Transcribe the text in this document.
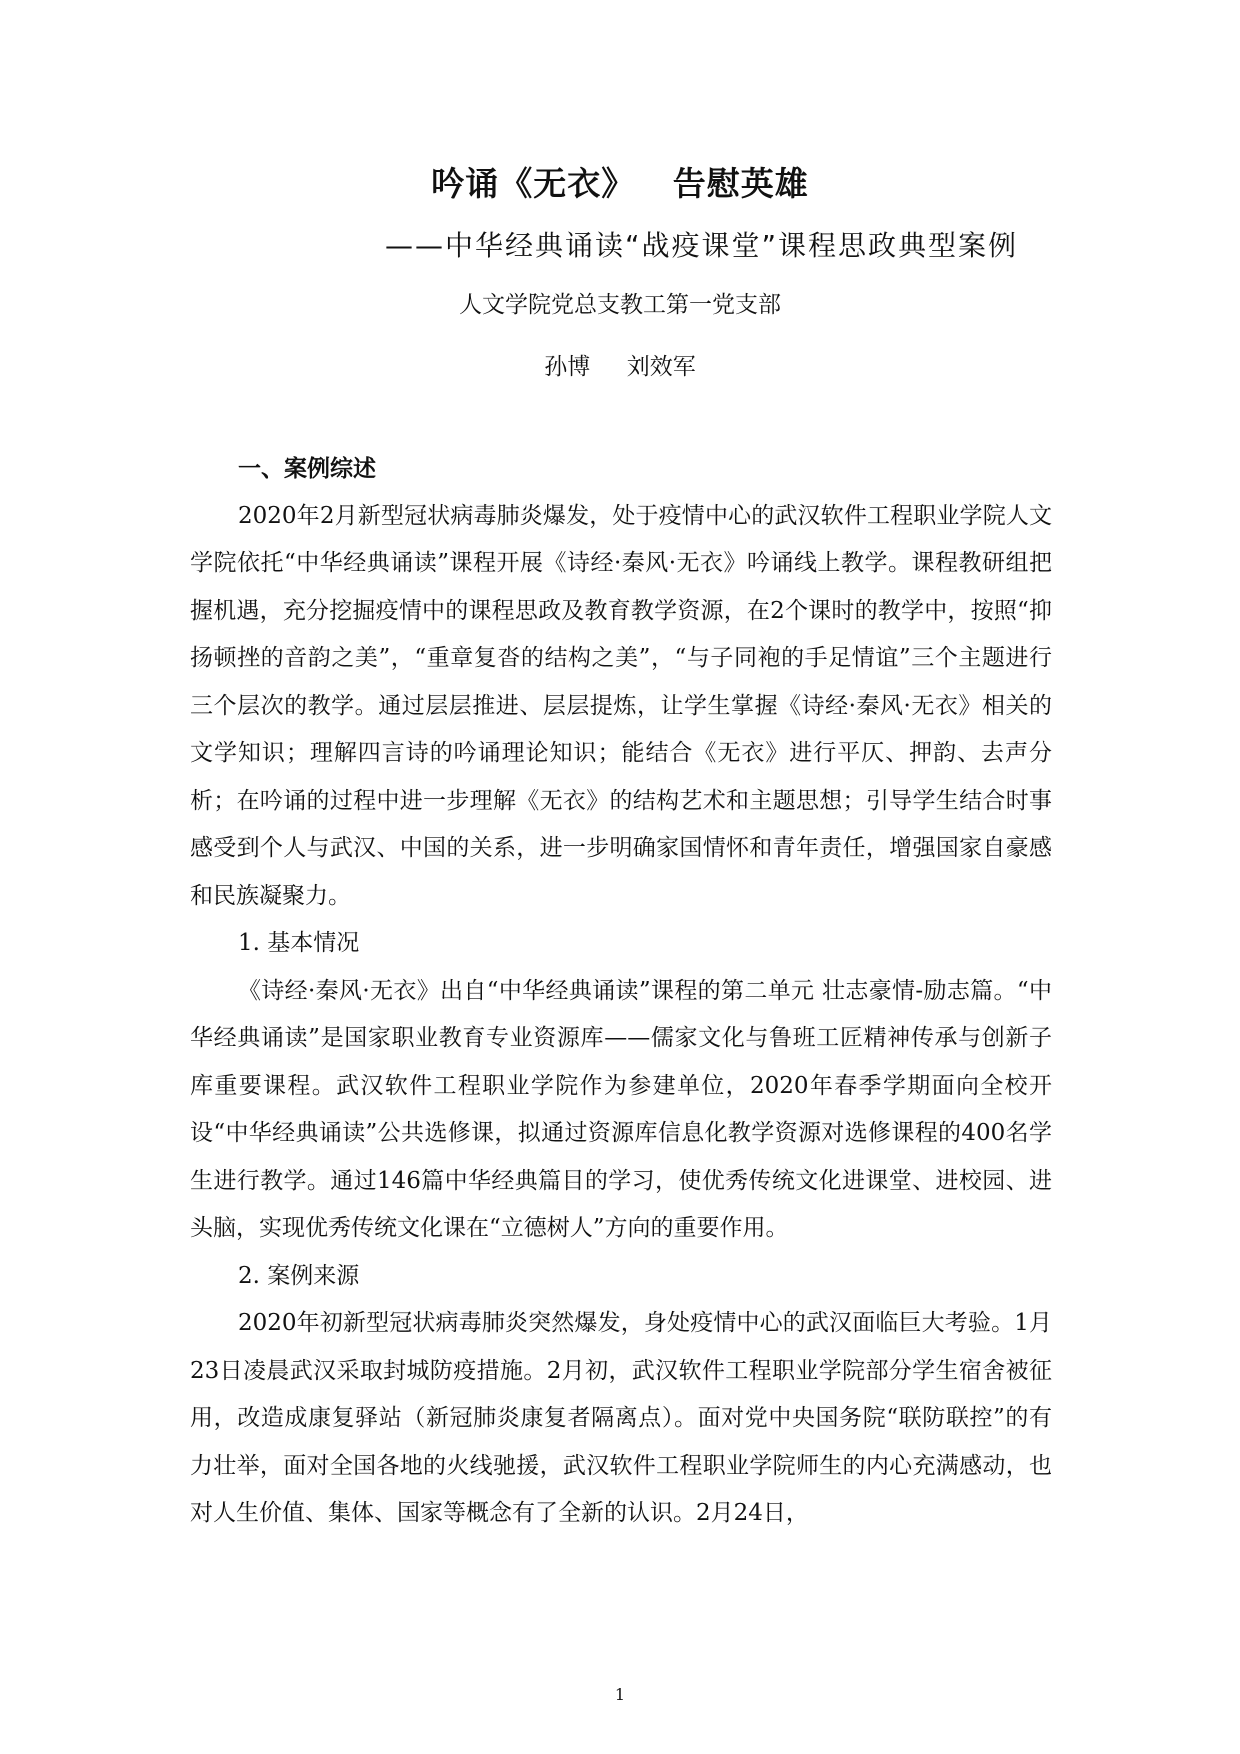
吟诵《无衣》   告慰英雄
——中华经典诵读“战疫课堂”课程思政典型案例
人文学院党总支教工第一党支部
孙博     刘效军
一、案例综述

2020年2月新型冠状病毒肺炎爆发，处于疫情中心的武汉软件工程职业学院人文学院依托“中华经典诵读”课程开展《诗经·秦风·无衣》吟诵线上教学。课程教研组把握机遇，充分挖掘疫情中的课程思政及教育教学资源，在2个课时的教学中，按照“抑扬顿挫的音韵之美”，“重章复沓的结构之美”，“与子同袍的手足情谊”三个主题进行三个层次的教学。通过层层推进、层层提炼，让学生掌握《诗经·秦风·无衣》相关的文学知识；理解四言诗的吟诵理论知识；能结合《无衣》进行平仄、押韵、去声分析；在吟诵的过程中进一步理解《无衣》的结构艺术和主题思想；引导学生结合时事感受到个人与武汉、中国的关系，进一步明确家国情怀和青年责任，增强国家自豪感和民族凝聚力。

1. 基本情况

《诗经·秦风·无衣》出自“中华经典诵读”课程的第二单元 壮志豪情-励志篇。“中华经典诵读”是国家职业教育专业资源库——儒家文化与鲁班工匠精神传承与创新子库重要课程。武汉软件工程职业学院作为参建单位，2020年春季学期面向全校开设“中华经典诵读”公共选修课，拟通过资源库信息化教学资源对选修课程的400名学生进行教学。通过146篇中华经典篇目的学习，使优秀传统文化进课堂、进校园、进头脑，实现优秀传统文化课在“立德树人”方向的重要作用。

2. 案例来源

2020年初新型冠状病毒肺炎突然爆发，身处疫情中心的武汉面临巨大考验。1月23日凌晨武汉采取封城防疫措施。2月初，武汉软件工程职业学院部分学生宿舍被征用，改造成康复驿站（新冠肺炎康复者隔离点）。面对党中央国务院“联防联控”的有力壮举，面对全国各地的火线驰援，武汉软件工程职业学院师生的内心充满感动，也对人生价值、集体、国家等概念有了全新的认识。2月24日，

1
